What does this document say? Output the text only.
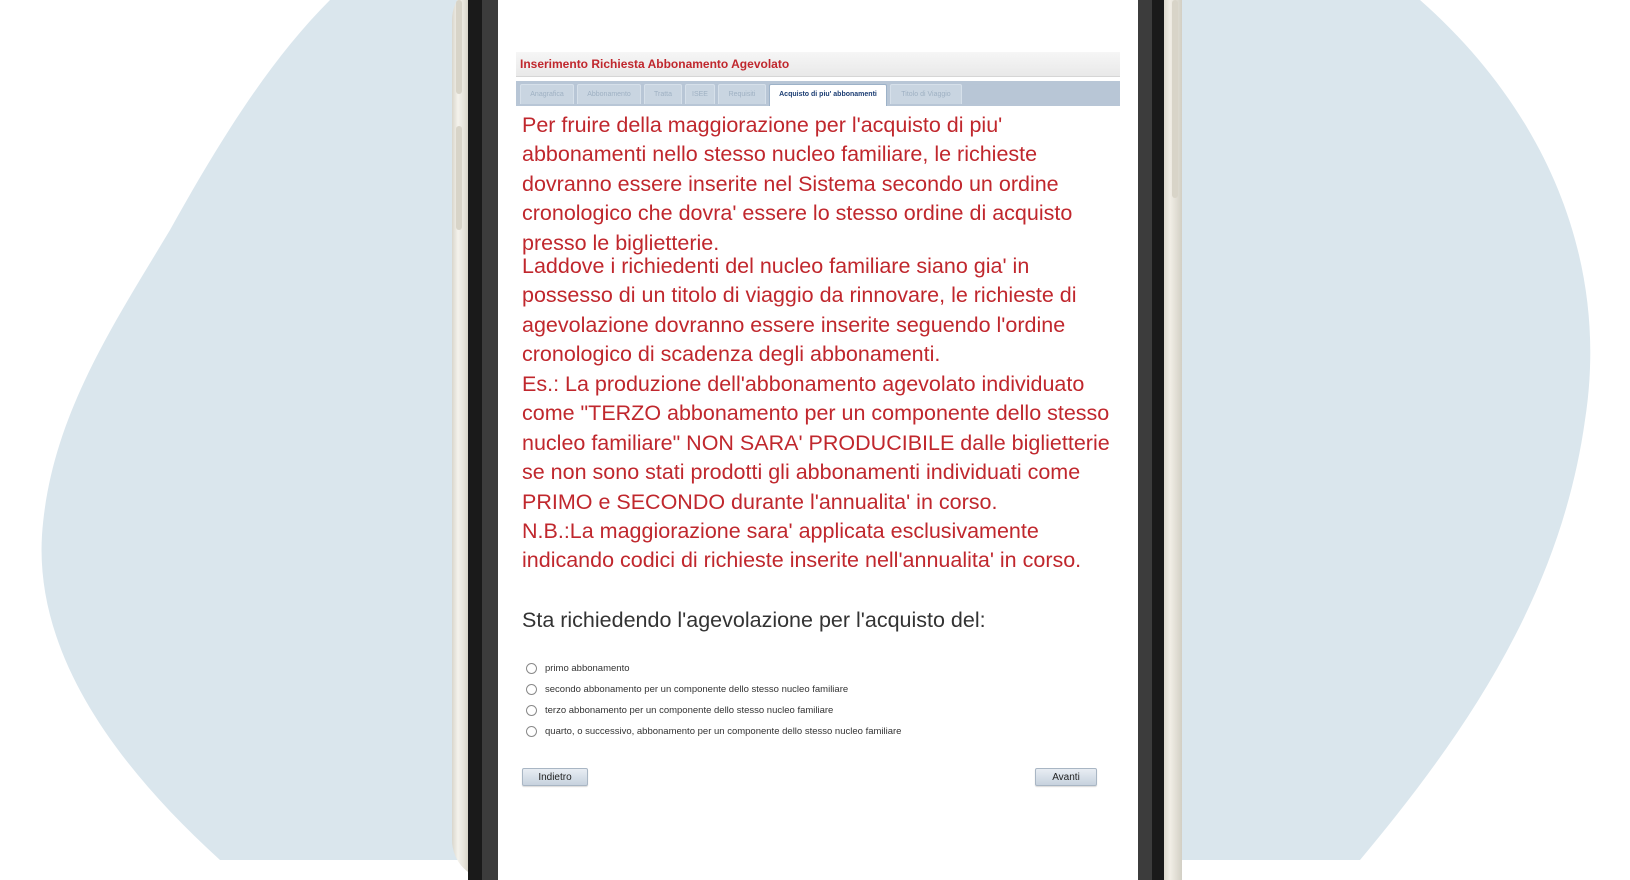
Inserimento Richiesta Abbonamento Agevolato
Anagrafica	Abbonamento	Tratta	ISEE	Requisiti	Acquisto di piu' abbonamenti	Titolo di Viaggio
Per fruire della maggiorazione per l'acquisto di piu' abbonamenti nello stesso nucleo familiare, le richieste dovranno essere inserite nel Sistema secondo un ordine cronologico che dovra' essere lo stesso ordine di acquisto presso le biglietterie.
Laddove i richiedenti del nucleo familiare siano gia' in possesso di un titolo di viaggio da rinnovare, le richieste di agevolazione dovranno essere inserite seguendo l'ordine cronologico di scadenza degli abbonamenti.
Es.: La produzione dell'abbonamento agevolato individuato come "TERZO abbonamento per un componente dello stesso nucleo familiare" NON SARA' PRODUCIBILE dalle biglietterie se non sono stati prodotti gli abbonamenti individuati come PRIMO e SECONDO durante l'annualita' in corso.
N.B.:La maggiorazione sara' applicata esclusivamente indicando codici di richieste inserite nell'annualita' in corso.
Sta richiedendo l'agevolazione per l'acquisto del:
primo abbonamento
secondo abbonamento per un componente dello stesso nucleo familiare
terzo abbonamento per un componente dello stesso nucleo familiare
quarto, o successivo, abbonamento per un componente dello stesso nucleo familiare
Indietro	Avanti
